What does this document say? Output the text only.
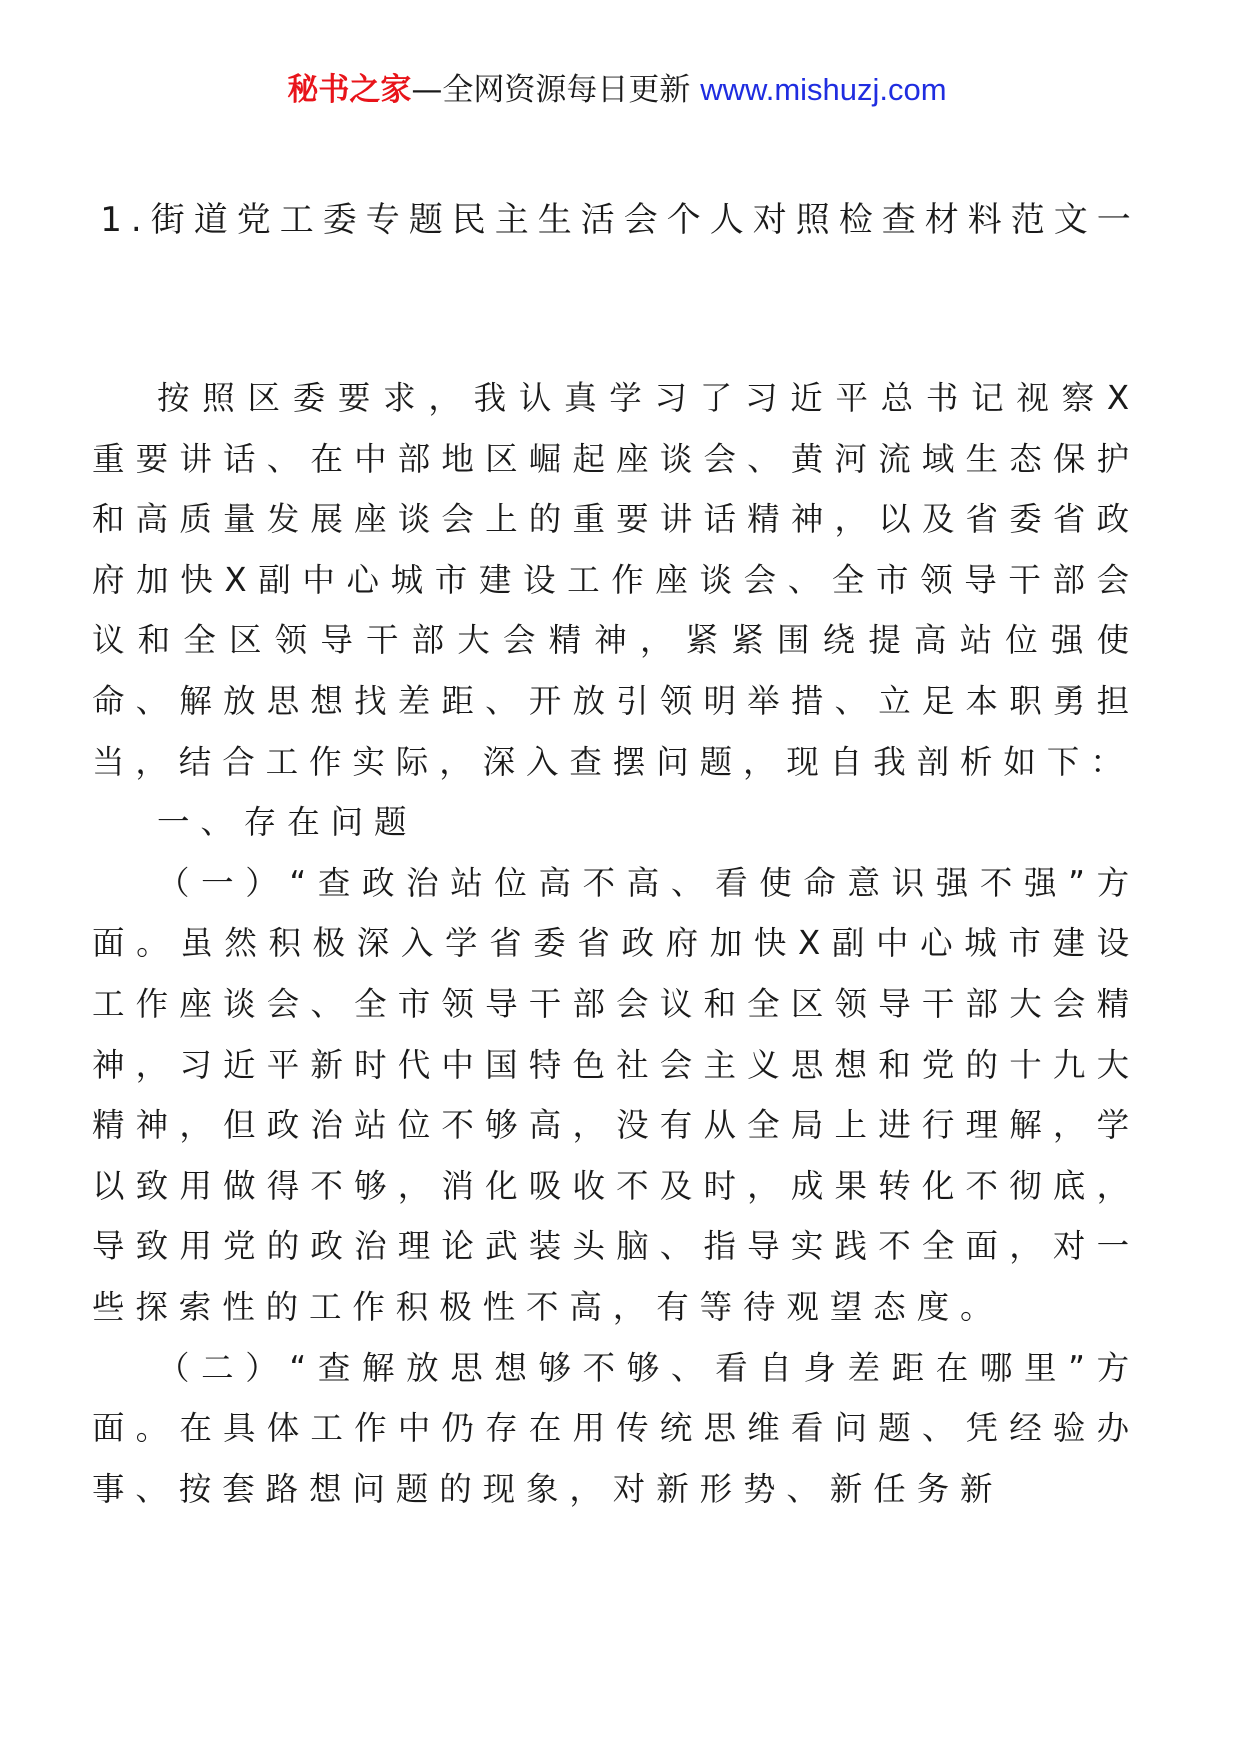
秘书之家—全网资源每日更新 www.mishuzj.com
1.街道党工委专题民主生活会个人对照检查材料范文一

按照区委要求，我认真学习了习近平总书记视察X重要讲话、在中部地区崛起座谈会、黄河流域生态保护和高质量发展座谈会上的重要讲话精神，以及省委省政府加快X副中心城市建设工作座谈会、全市领导干部会议和全区领导干部大会精神，紧紧围绕提高站位强使命、解放思想找差距、开放引领明举措、立足本职勇担当，结合工作实际，深入查摆问题，现自我剖析如下：

一、存在问题

（一）“查政治站位高不高、看使命意识强不强”方面。虽然积极深入学省委省政府加快X副中心城市建设工作座谈会、全市领导干部会议和全区领导干部大会精神，习近平新时代中国特色社会主义思想和党的十九大精神，但政治站位不够高，没有从全局上进行理解，学以致用做得不够，消化吸收不及时，成果转化不彻底，导致用党的政治理论武装头脑、指导实践不全面，对一些探索性的工作积极性不高，有等待观望态度。

（二）“查解放思想够不够、看自身差距在哪里”方面。在具体工作中仍存在用传统思维看问题、凭经验办事、按套路想问题的现象，对新形势、新任务新
